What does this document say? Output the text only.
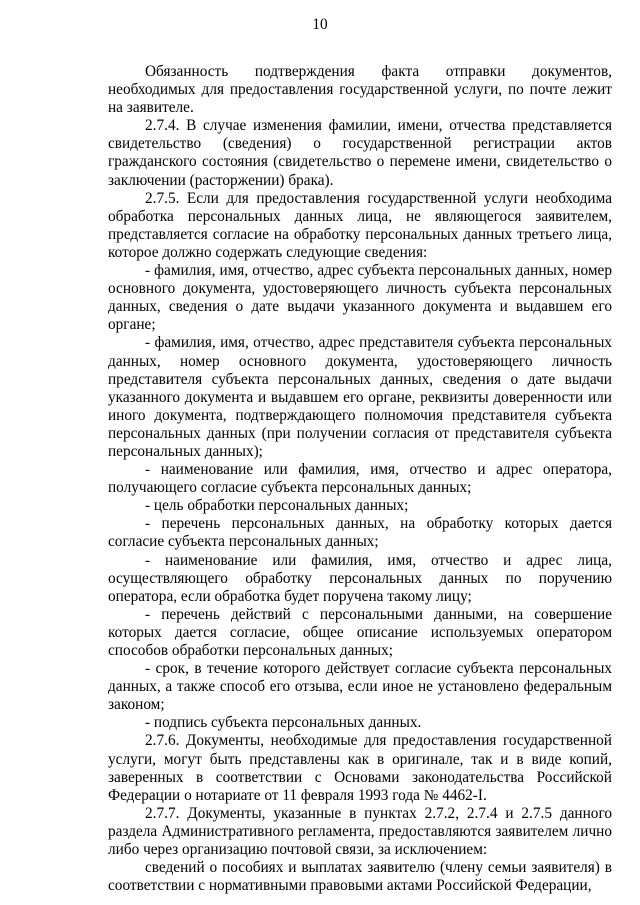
10

Обязанность подтверждения факта отправки документов, необходимых для предоставления государственной услуги, по почте лежит на заявителе.

2.7.4. В случае изменения фамилии, имени, отчества представляется свидетельство (сведения) о государственной регистрации актов гражданского состояния (свидетельство о перемене имени, свидетельство о заключении (расторжении) брака).

2.7.5. Если для предоставления государственной услуги необходима обработка персональных данных лица, не являющегося заявителем, представляется согласие на обработку персональных данных третьего лица, которое должно содержать следующие сведения:

- фамилия, имя, отчество, адрес субъекта персональных данных, номер основного документа, удостоверяющего личность субъекта персональных данных, сведения о дате выдачи указанного документа и выдавшем его органе;

- фамилия, имя, отчество, адрес представителя субъекта персональных данных, номер основного документа, удостоверяющего личность представителя субъекта персональных данных, сведения о дате выдачи указанного документа и выдавшем его органе, реквизиты доверенности или иного документа, подтверждающего полномочия представителя субъекта персональных данных (при получении согласия от представителя субъекта персональных данных);

- наименование или фамилия, имя, отчество и адрес оператора, получающего согласие субъекта персональных данных;

- цель обработки персональных данных;

- перечень персональных данных, на обработку которых дается согласие субъекта персональных данных;

- наименование или фамилия, имя, отчество и адрес лица, осуществляющего обработку персональных данных по поручению оператора, если обработка будет поручена такому лицу;

- перечень действий с персональными данными, на совершение которых дается согласие, общее описание используемых оператором способов обработки персональных данных;

- срок, в течение которого действует согласие субъекта персональных данных, а также способ его отзыва, если иное не установлено федеральным законом;

- подпись субъекта персональных данных.

2.7.6. Документы, необходимые для предоставления государственной услуги, могут быть представлены как в оригинале, так и в виде копий, заверенных в соответствии с Основами законодательства Российской Федерации о нотариате от 11 февраля 1993 года № 4462-I.

2.7.7. Документы, указанные в пунктах 2.7.2, 2.7.4 и 2.7.5 данного раздела Административного регламента, предоставляются заявителем лично либо через организацию почтовой связи, за исключением:

сведений о пособиях и выплатах заявителю (члену семьи заявителя) в соответствии с нормативными правовыми актами Российской Федерации,
